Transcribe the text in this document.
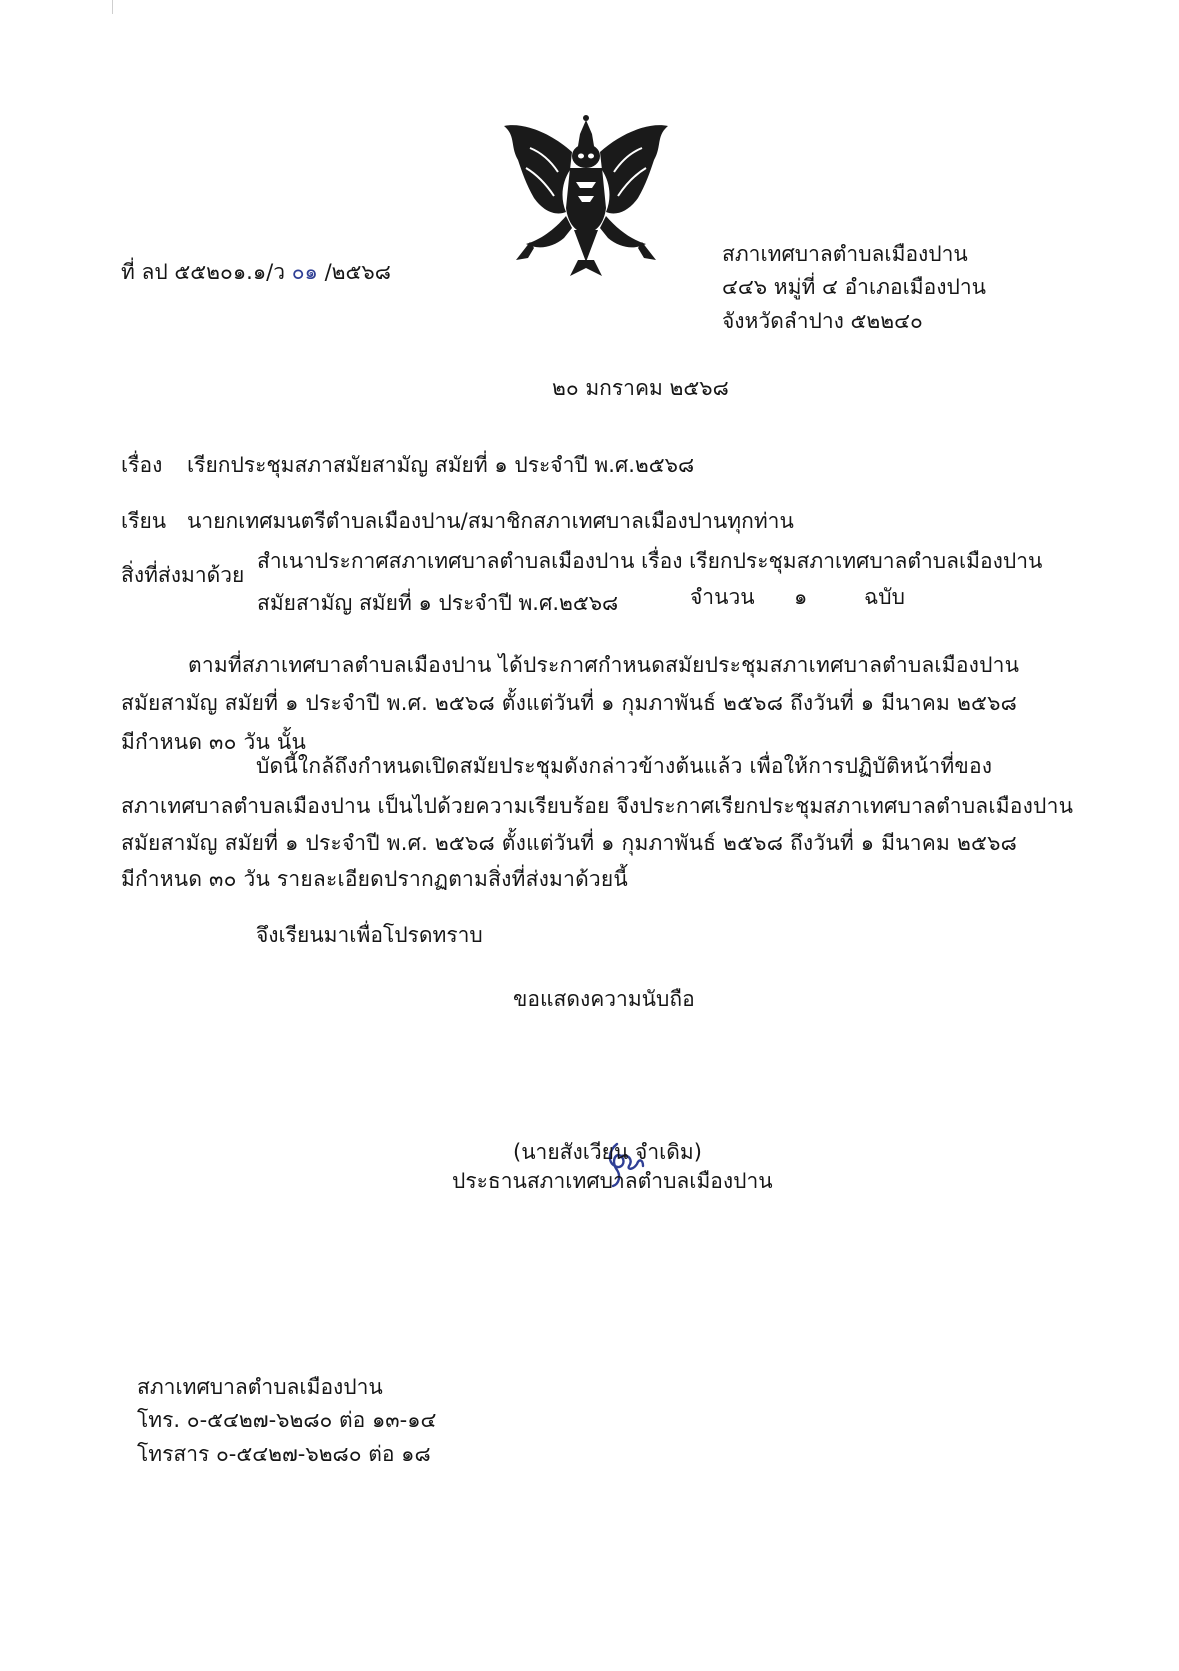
ที่ ลป ๕๕๒๐๑.๑/ว ๐๑ /๒๕๖๘
สภาเทศบาลตำบลเมืองปาน
๔๔๖ หมู่ที่ ๔ อำเภอเมืองปาน
จังหวัดลำปาง ๕๒๒๔๐
๒๐ มกราคม ๒๕๖๘
เรื่อง เรียกประชุมสภาสมัยสามัญ สมัยที่ ๑ ประจำปี พ.ศ.๒๕๖๘
เรียน นายกเทศมนตรีตำบลเมืองปาน/สมาชิกสภาเทศบาลเมืองปานทุกท่าน
สิ่งที่ส่งมาด้วย
สำเนาประกาศสภาเทศบาลตำบลเมืองปาน เรื่อง เรียกประชุมสภาเทศบาลตำบลเมืองปาน
สมัยสามัญ สมัยที่ ๑ ประจำปี พ.ศ.๒๕๖๘	จำนวน ๑	ฉบับ
ตามที่สภาเทศบาลตำบลเมืองปาน ได้ประกาศกำหนดสมัยประชุมสภาเทศบาลตำบลเมืองปาน
สมัยสามัญ สมัยที่ ๑ ประจำปี พ.ศ. ๒๕๖๘ ตั้งแต่วันที่ ๑ กุมภาพันธ์ ๒๕๖๘ ถึงวันที่ ๑ มีนาคม ๒๕๖๘
มีกำหนด ๓๐ วัน นั้น
บัดนี้ใกล้ถึงกำหนดเปิดสมัยประชุมดังกล่าวข้างต้นแล้ว เพื่อให้การปฏิบัติหน้าที่ของ
สภาเทศบาลตำบลเมืองปาน เป็นไปด้วยความเรียบร้อย จึงประกาศเรียกประชุมสภาเทศบาลตำบลเมืองปาน
สมัยสามัญ สมัยที่ ๑ ประจำปี พ.ศ. ๒๕๖๘ ตั้งแต่วันที่ ๑ กุมภาพันธ์ ๒๕๖๘ ถึงวันที่ ๑ มีนาคม ๒๕๖๘
มีกำหนด ๓๐ วัน รายละเอียดปรากฏตามสิ่งที่ส่งมาด้วยนี้
จึงเรียนมาเพื่อโปรดทราบ
ขอแสดงความนับถือ
(นายสังเวียน จำเดิม)
ประธานสภาเทศบาลตำบลเมืองปาน
สภาเทศบาลตำบลเมืองปาน
โทร. ๐-๕๔๒๗-๖๒๘๐ ต่อ ๑๓-๑๔
โทรสาร ๐-๕๔๒๗-๖๒๘๐ ต่อ ๑๘
